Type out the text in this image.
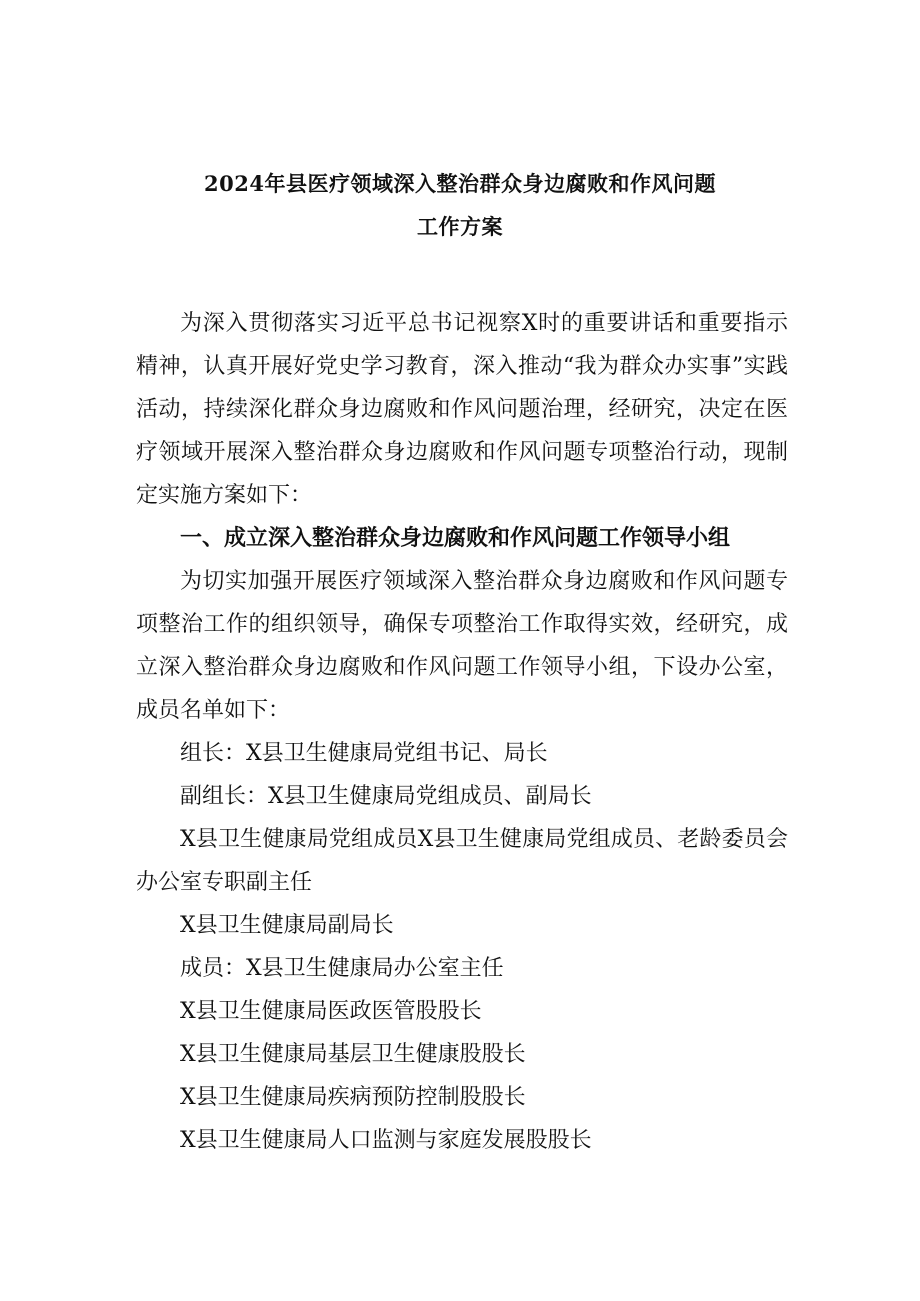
2024年县医疗领域深入整治群众身边腐败和作风问题
工作方案

为深入贯彻落实习近平总书记视察X时的重要讲话和重要指示精神，认真开展好党史学习教育，深入推动“我为群众办实事”实践活动，持续深化群众身边腐败和作风问题治理，经研究，决定在医疗领域开展深入整治群众身边腐败和作风问题专项整治行动，现制定实施方案如下：

一、成立深入整治群众身边腐败和作风问题工作领导小组

为切实加强开展医疗领域深入整治群众身边腐败和作风问题专项整治工作的组织领导，确保专项整治工作取得实效，经研究，成立深入整治群众身边腐败和作风问题工作领导小组，下设办公室，成员名单如下：

组长：X县卫生健康局党组书记、局长

副组长：X县卫生健康局党组成员、副局长

X县卫生健康局党组成员X县卫生健康局党组成员、老龄委员会办公室专职副主任

X县卫生健康局副局长

成员：X县卫生健康局办公室主任

X县卫生健康局医政医管股股长

X县卫生健康局基层卫生健康股股长

X县卫生健康局疾病预防控制股股长

X县卫生健康局人口监测与家庭发展股股长
